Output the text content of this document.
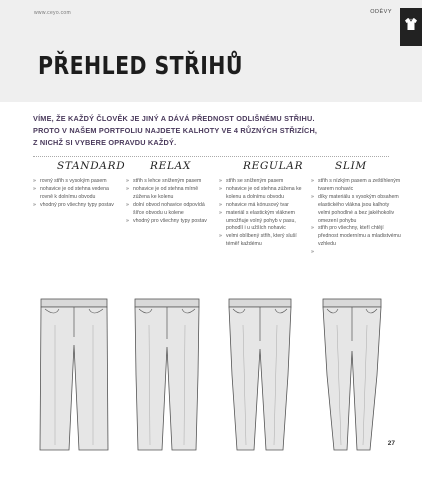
www.ceyo.com	ODĚVY
PŘEHLED STŘIHŮ
VÍME, ŽE KAŽDÝ ČLOVĚK JE JINÝ A DÁVÁ PŘEDNOST ODLIŠNÉMU STŘIHU.
PROTO V NAŠEM PORTFOLIU NAJDETE KALHOTY VE 4 RŮZNÝCH STŘIZÍCH,
Z NICHŽ SI VYBERE OPRAVDU KAŽDÝ.
STANDARD
» rovný střih s vysokým pasem
» nohavice je od stehna vedena rovně k dolnímu obvodu
» vhodný pro všechny typy postav
RELAX
» střih s lehce sníženým pasem
» nohavice je od stehna mírně zúžena ke kolenu
» dolní obvod nohavice odpovídá šířce obvodu u kolene
» vhodný pro všechny typy postav
REGULAR
» střih se sníženým pasem
» nohavice je od stehna zúžena ke kolenu a dolnímu obvodu
» nohavice má kónusový tvar
» materiál s elastickým vláknem umožňuje volný pohyb v pasu, pohodlí i u užších nohavic
» velmi oblíbený střih, který sluší téměř každému
SLIM
» střih s nízkým pasem a zeštíhleným tvarem nohavic
» díky materiálu s vysokým obsahem elastického vlákna jsou kalhoty velmi pohodlné a bez jakéhokoliv omezení pohybu
» střih pro všechny, kteří chtějí přednost modernímu a mladistvému vzhledu
27
